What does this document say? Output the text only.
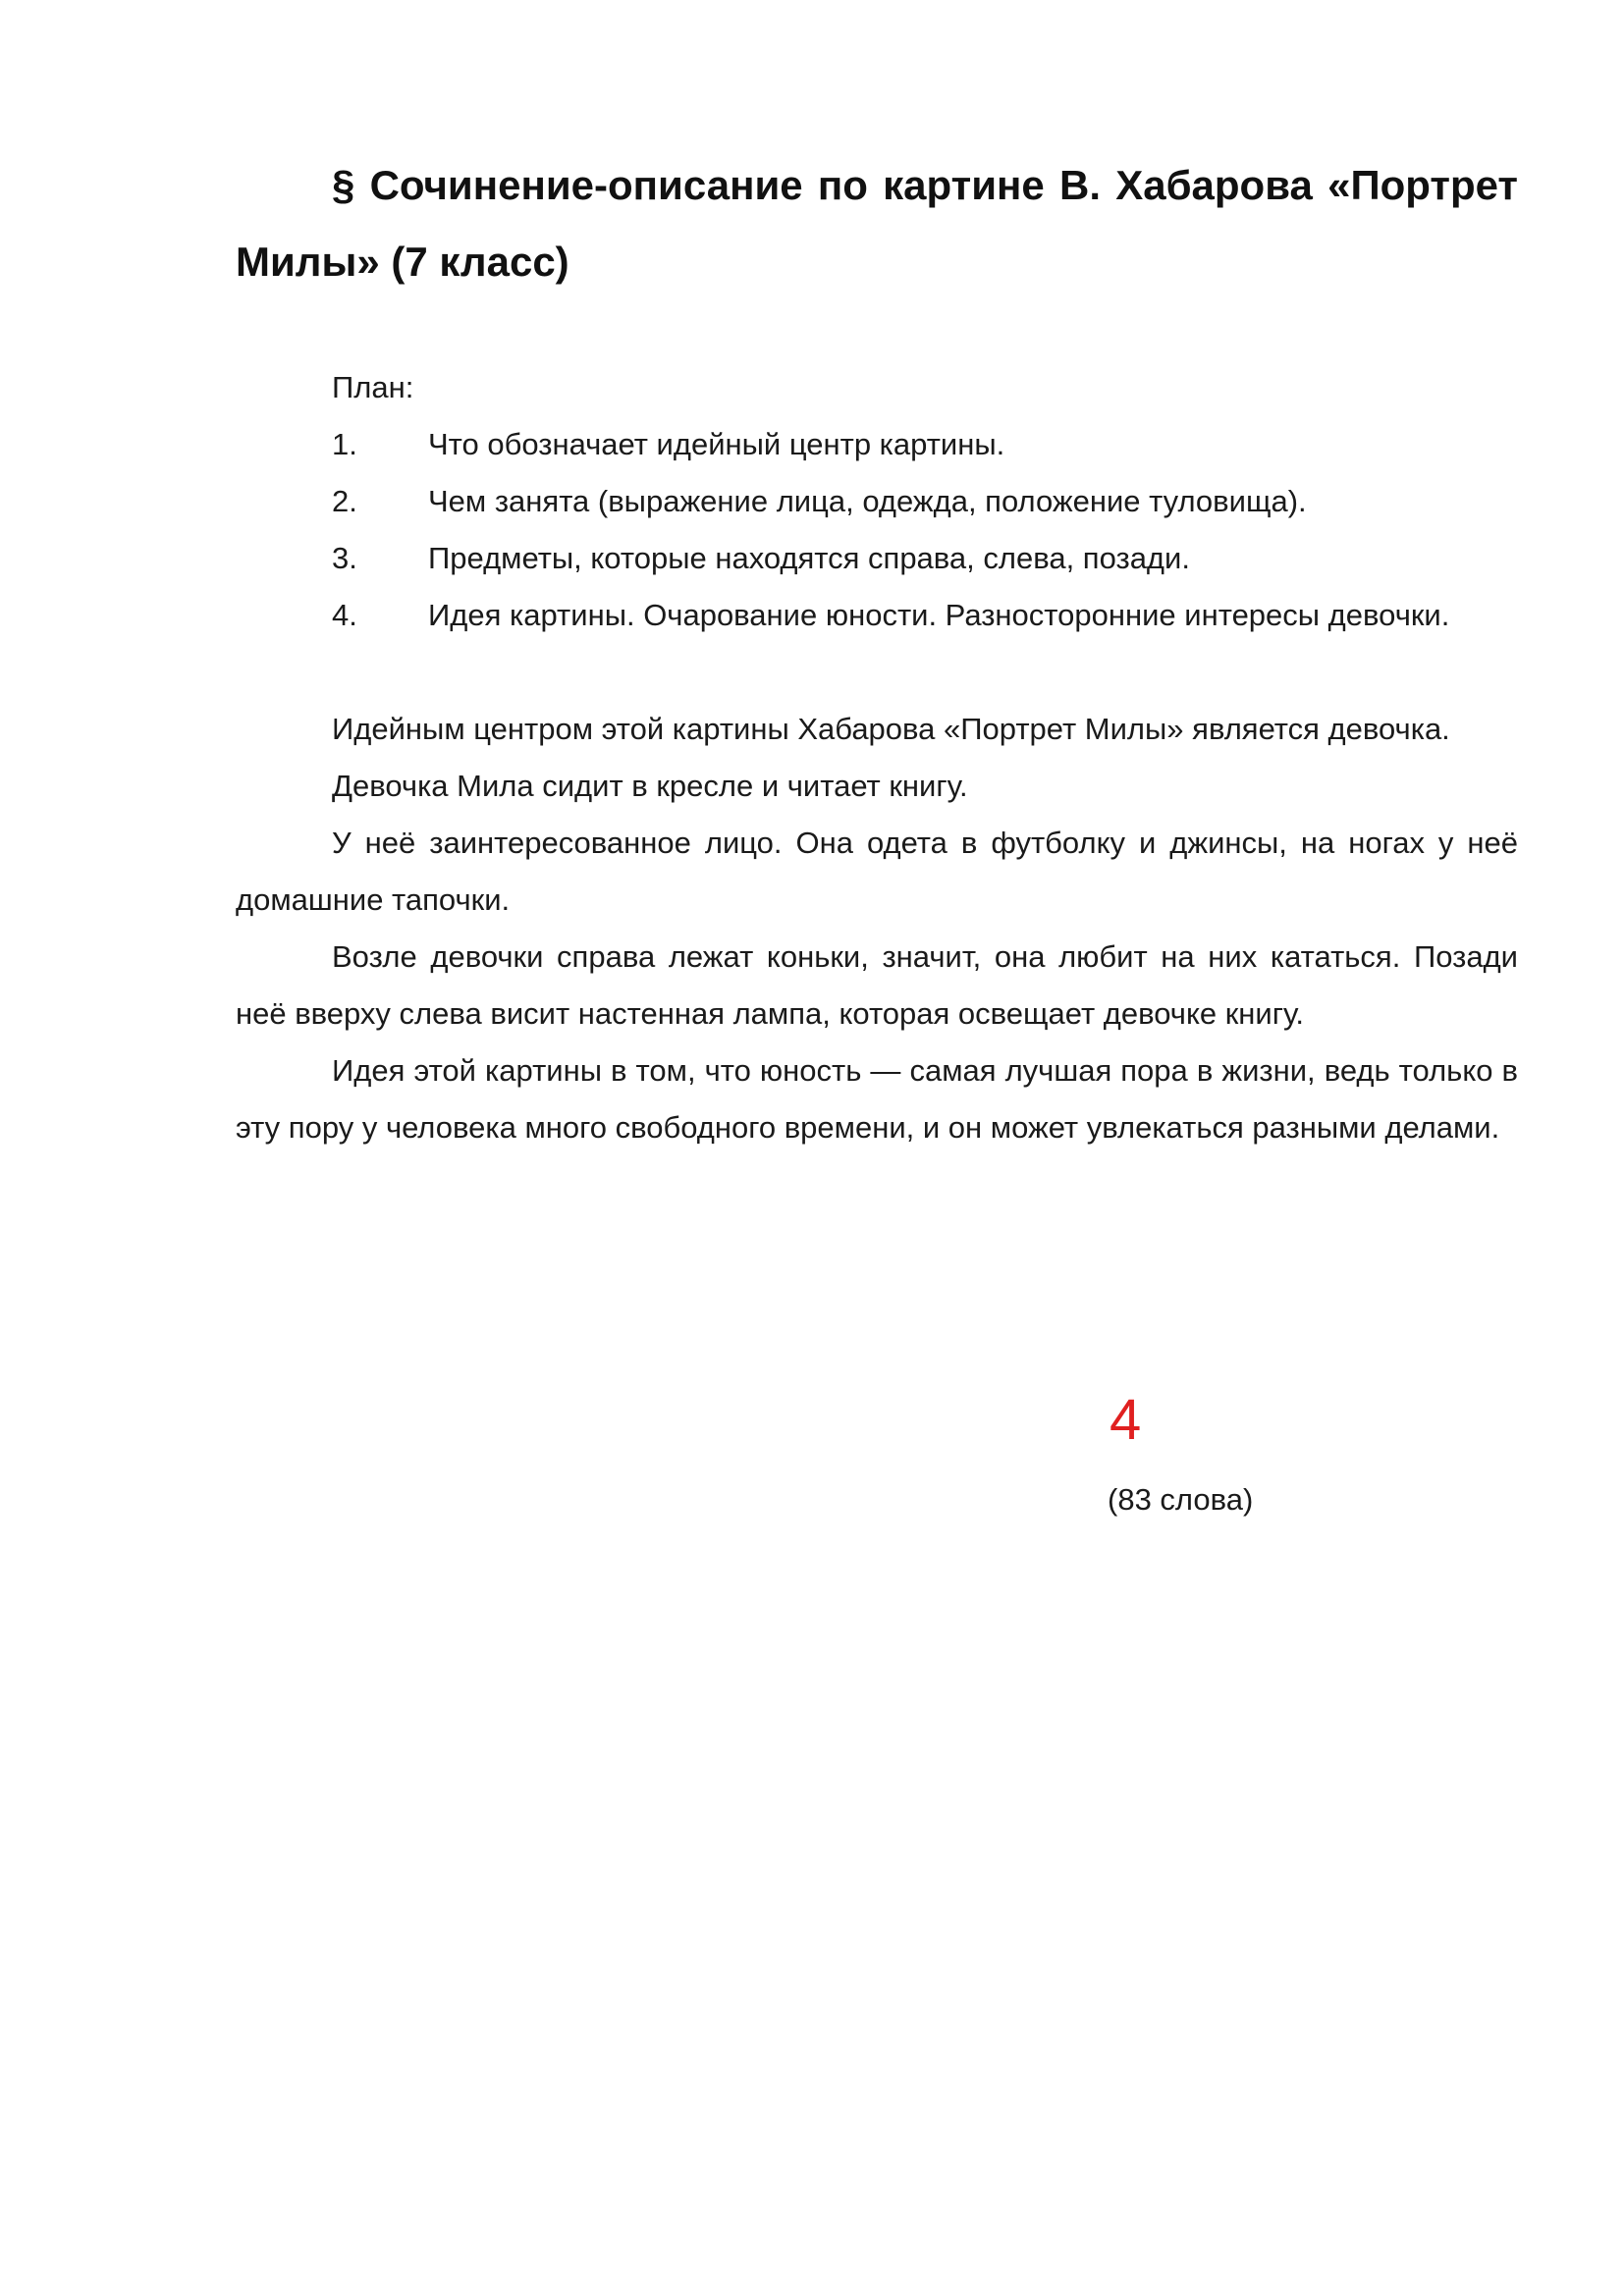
§ Сочинение-описание по картине В. Хабарова «Портрет Милы» (7 класс)

План:

1. Что обозначает идейный центр картины.

2. Чем занята (выражение лица, одежда, положение туловища).

3. Предметы, которые находятся справа, слева, позади.

4. Идея картины. Очарование юности. Разносторонние интересы девочки.

Идейным центром этой картины Хабарова «Портрет Милы» является девочка.

Девочка Мила сидит в кресле и читает книгу.

У неё заинтересованное лицо. Она одета в футболку и джинсы, на ногах у неё домашние тапочки.

Возле девочки справа лежат коньки, значит, она любит на них кататься. Позади неё вверху слева висит настенная лампа, которая освещает девочке книгу.

Идея этой картины в том, что юность — самая лучшая пора в жизни, ведь только в эту пору у человека много свободного времени, и он может увлекаться разными делами.

4

(83 слова)
